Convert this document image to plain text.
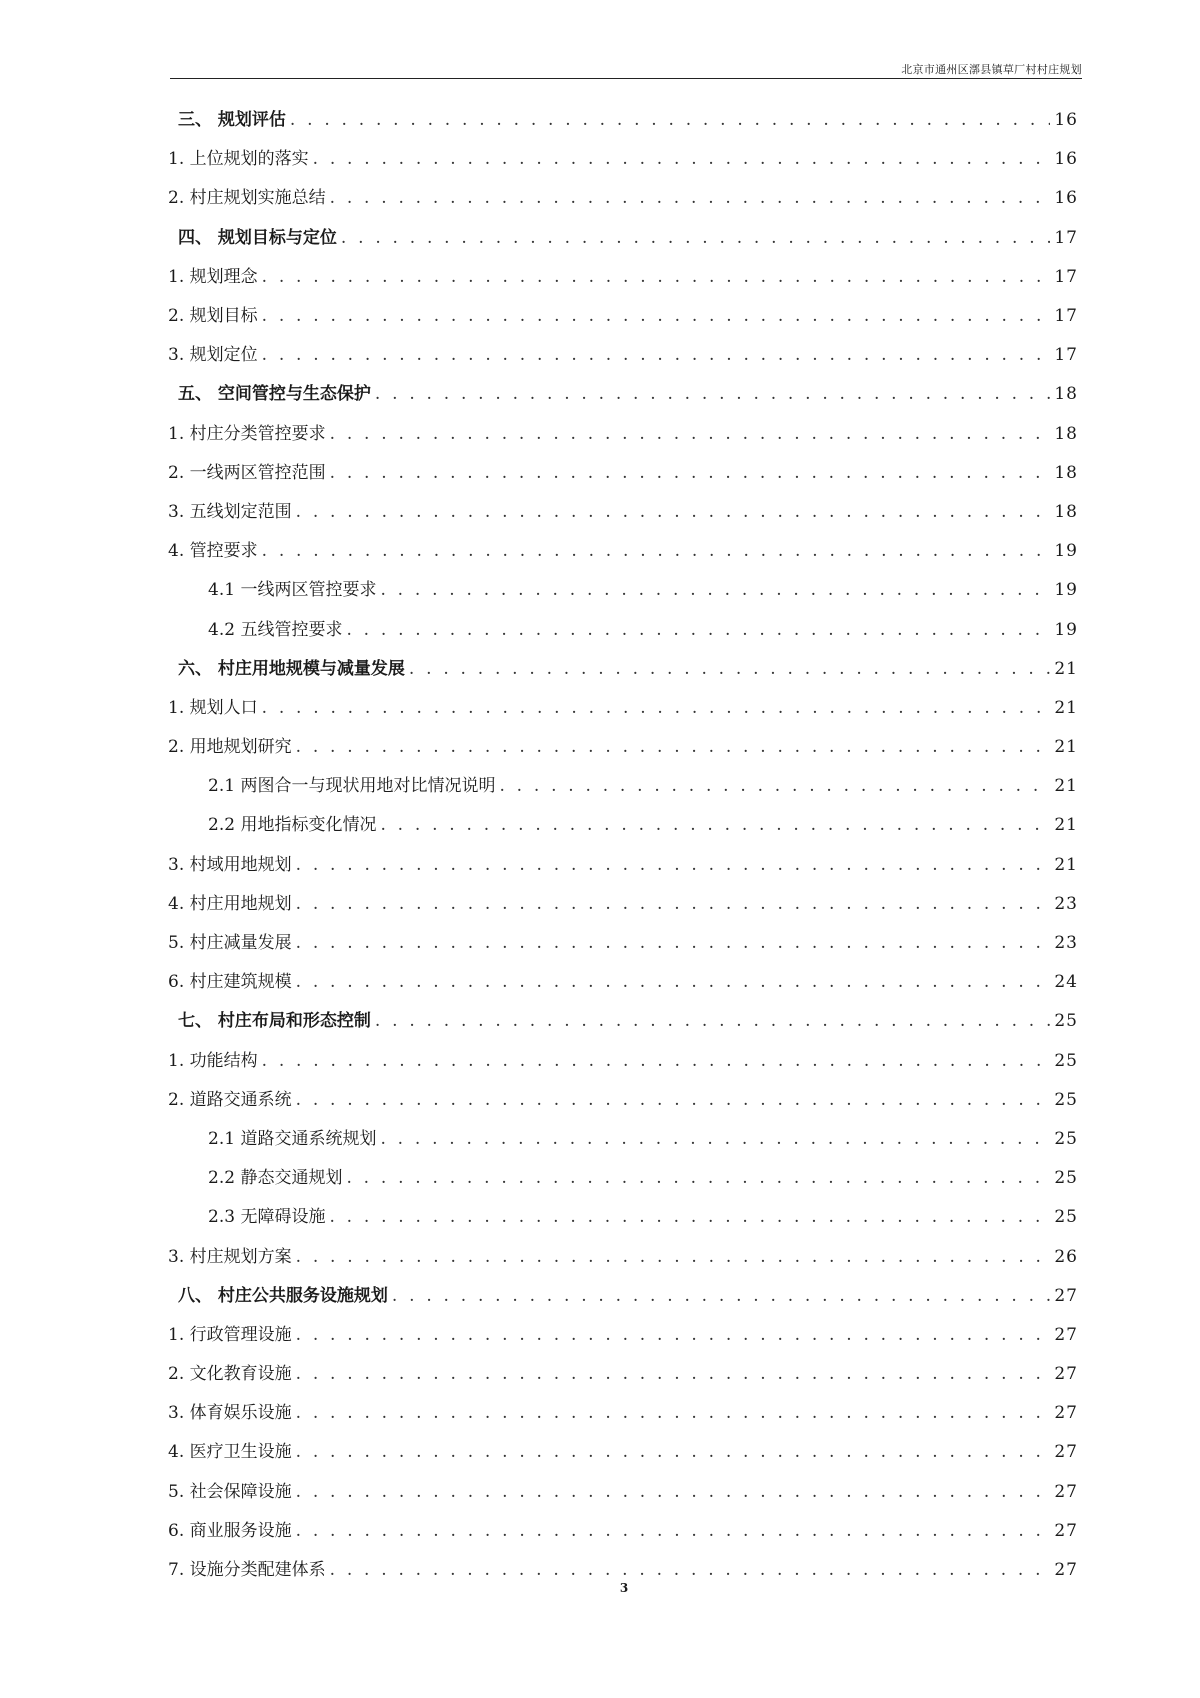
北京市通州区漷县镇草厂村村庄规划
三、 规划评估 . . .	16
1. 上位规划的落实 . . .	16
2. 村庄规划实施总结 . . .	16
四、 规划目标与定位 . . .	17
1. 规划理念 . . .	17
2. 规划目标 . . .	17
3. 规划定位 . . .	17
五、 空间管控与生态保护 . . .	18
1. 村庄分类管控要求 . . .	18
2. 一线两区管控范围 . . .	18
3. 五线划定范围 . . .	18
4. 管控要求 . . .	19
4.1 一线两区管控要求 . . .	19
4.2 五线管控要求 . . .	19
六、 村庄用地规模与减量发展 . . .	21
1. 规划人口 . . .	21
2. 用地规划研究 . . .	21
2.1 两图合一与现状用地对比情况说明 . . .	21
2.2 用地指标变化情况 . . .	21
3. 村域用地规划 . . .	21
4. 村庄用地规划 . . .	23
5. 村庄减量发展 . . .	23
6. 村庄建筑规模 . . .	24
七、 村庄布局和形态控制 . . .	25
1. 功能结构 . . .	25
2. 道路交通系统 . . .	25
2.1 道路交通系统规划 . . .	25
2.2 静态交通规划 . . .	25
2.3 无障碍设施 . . .	25
3. 村庄规划方案 . . .	26
八、 村庄公共服务设施规划 . . .	27
1. 行政管理设施 . . .	27
2. 文化教育设施 . . .	27
3. 体育娱乐设施 . . .	27
4. 医疗卫生设施 . . .	27
5. 社会保障设施 . . .	27
6. 商业服务设施 . . .	27
7. 设施分类配建体系 . . .	27
3
